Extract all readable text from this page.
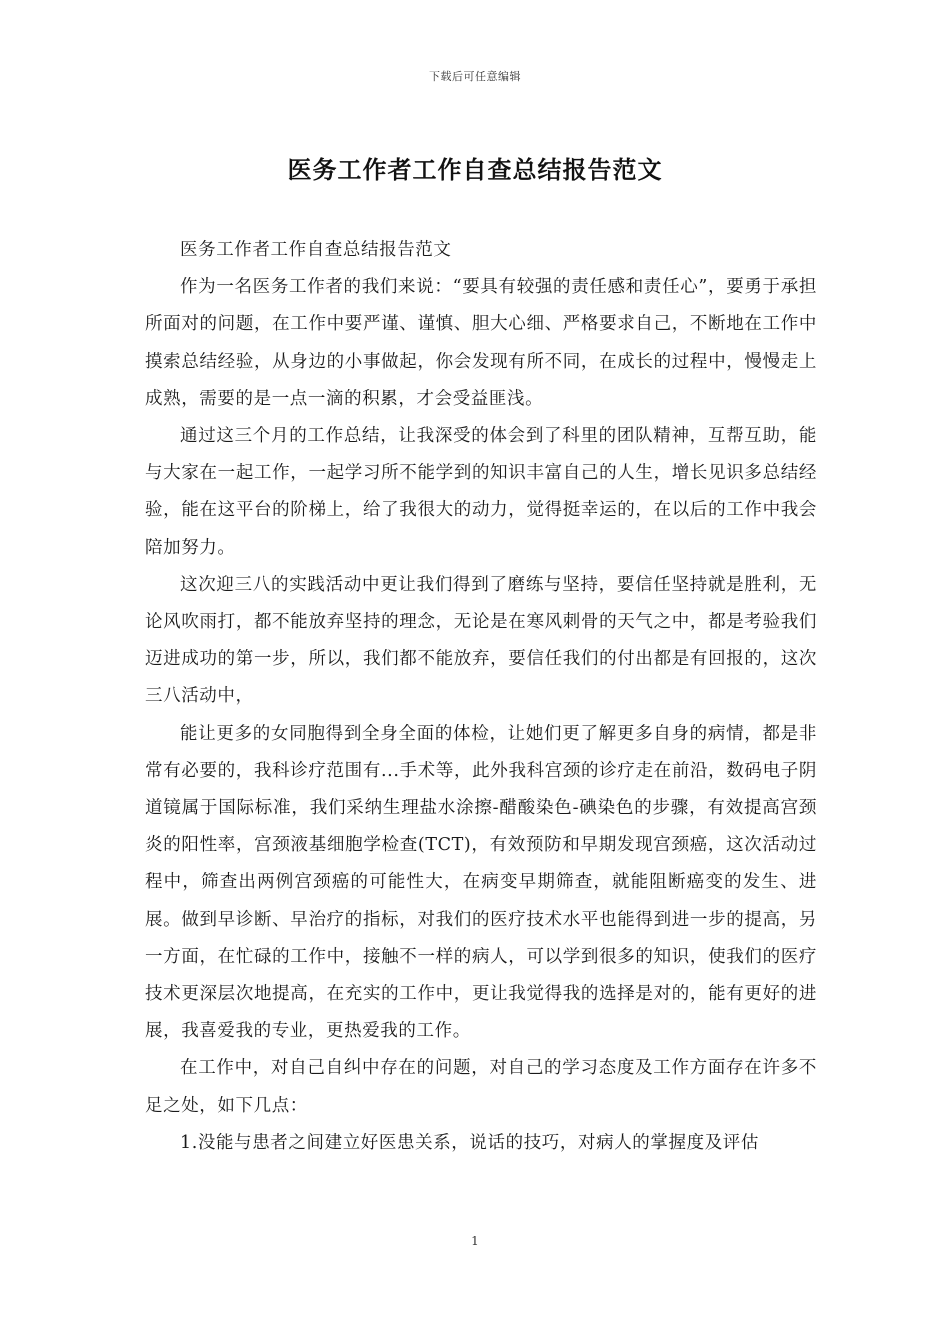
下载后可任意编辑
医务工作者工作自查总结报告范文

医务工作者工作自查总结报告范文

作为一名医务工作者的我们来说：“要具有较强的责任感和责任心”，要勇于承担所面对的问题，在工作中要严谨、谨慎、胆大心细、严格要求自己，不断地在工作中摸索总结经验，从身边的小事做起，你会发现有所不同，在成长的过程中，慢慢走上成熟，需要的是一点一滴的积累，才会受益匪浅。

通过这三个月的工作总结，让我深受的体会到了科里的团队精神，互帮互助，能与大家在一起工作，一起学习所不能学到的知识丰富自己的人生，增长见识多总结经验，能在这平台的阶梯上，给了我很大的动力，觉得挺幸运的，在以后的工作中我会陪加努力。

这次迎三八的实践活动中更让我们得到了磨练与坚持，要信任坚持就是胜利，无论风吹雨打，都不能放弃坚持的理念，无论是在寒风刺骨的天气之中，都是考验我们迈进成功的第一步，所以，我们都不能放弃，要信任我们的付出都是有回报的，这次三八活动中，

能让更多的女同胞得到全身全面的体检，让她们更了解更多自身的病情，都是非常有必要的，我科诊疗范围有...手术等，此外我科宫颈的诊疗走在前沿，数码电子阴道镜属于国际标准，我们采纳生理盐水涂擦-醋酸染色-碘染色的步骤，有效提高宫颈炎的阳性率，宫颈液基细胞学检查(TCT)，有效预防和早期发现宫颈癌，这次活动过程中，筛查出两例宫颈癌的可能性大，在病变早期筛查，就能阻断癌变的发生、进展。做到早诊断、早治疗的指标，对我们的医疗技术水平也能得到进一步的提高，另一方面，在忙碌的工作中，接触不一样的病人，可以学到很多的知识，使我们的医疗技术更深层次地提高，在充实的工作中，更让我觉得我的选择是对的，能有更好的进展，我喜爱我的专业，更热爱我的工作。

在工作中，对自己自纠中存在的问题，对自己的学习态度及工作方面存在许多不足之处，如下几点：

1.没能与患者之间建立好医患关系，说话的技巧，对病人的掌握度及评估

1
